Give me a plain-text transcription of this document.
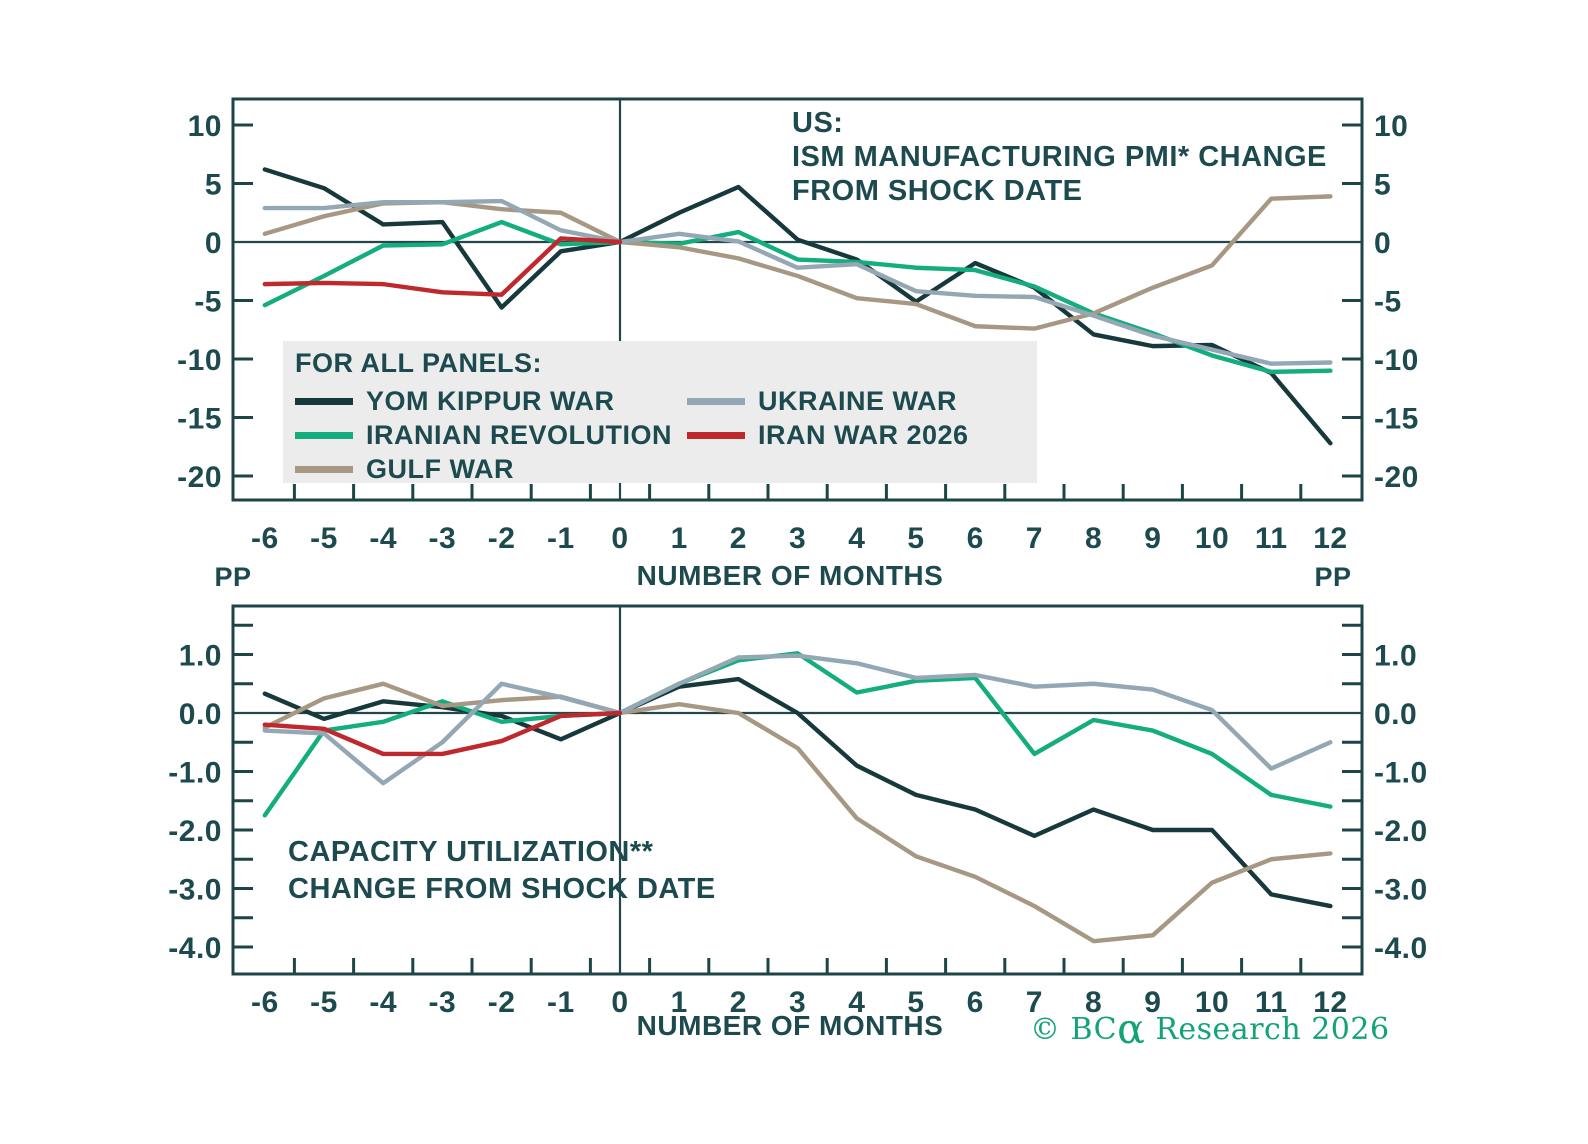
10	10
5	5
0	0
-5	-5
-10	-10
-15	-15
-20	-20
-6 -5 -4 -3 -2 -1 0 1 2 3 4 5 6 7 8 9 10 11 12
1.0	1.0
0.0	0.0
-1.0	-1.0
-2.0	-2.0
-3.0	-3.0
-4.0	-4.0
-6 -5 -4 -3 -2 -1 0 1 2 3 4 5 6 7 8 9 10 11 12
US:
ISM MANUFACTURING PMI* CHANGE
FROM SHOCK DATE
FOR ALL PANELS:
YOM KIPPUR WAR
IRANIAN REVOLUTION
GULF WAR
UKRAINE WAR
IRAN WAR 2026
PP	PP
NUMBER OF MONTHS
CAPACITY UTILIZATION**
CHANGE FROM SHOCK DATE
NUMBER OF MONTHS	© BCα Research 2026
